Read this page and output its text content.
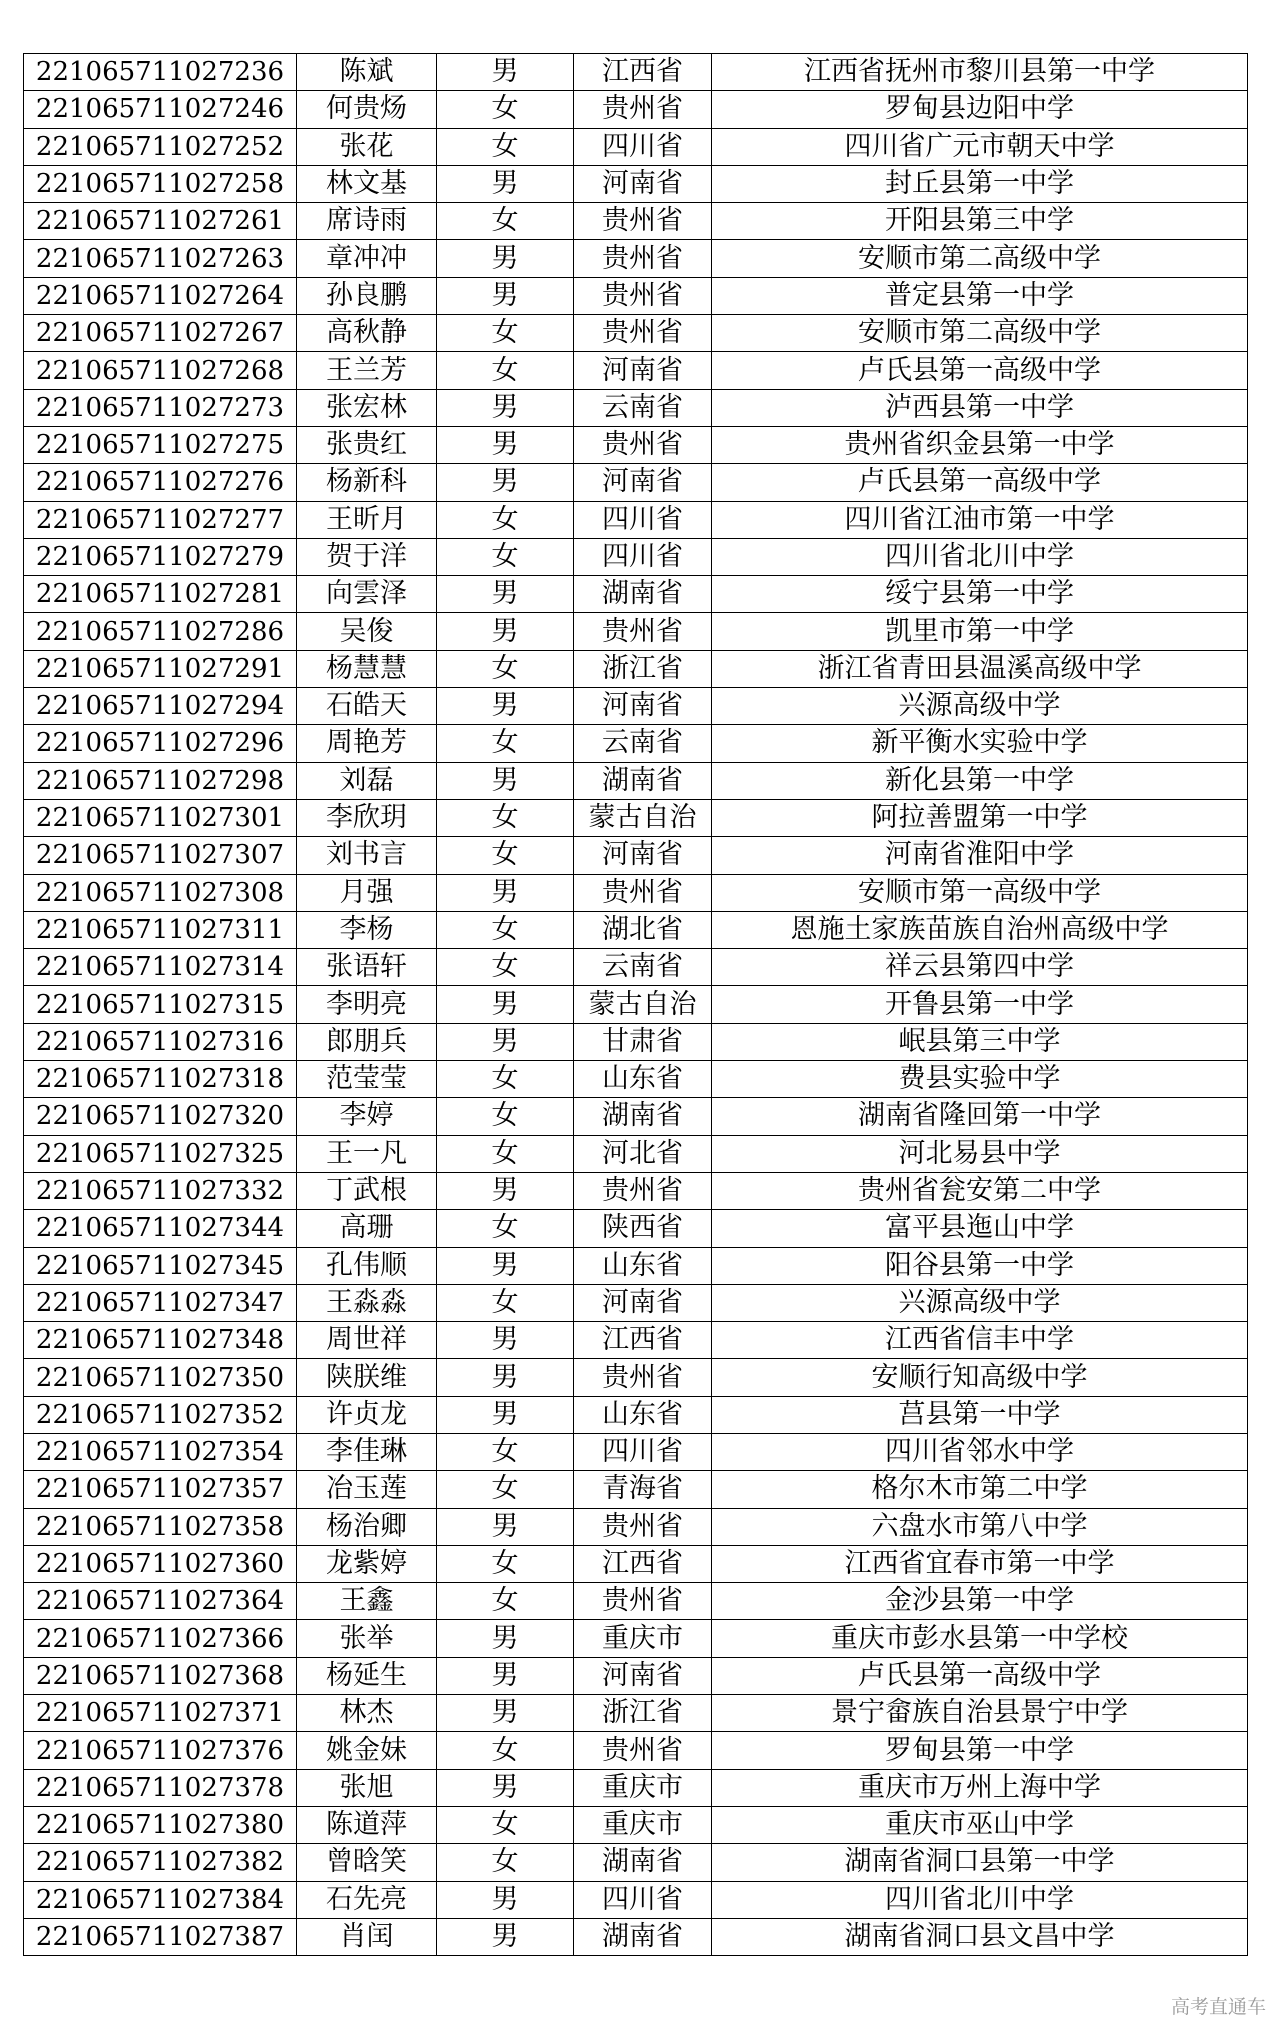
221065711027236	陈斌	男	江西省	江西省抚州市黎川县第一中学
221065711027246	何贵炀	女	贵州省	罗甸县边阳中学
221065711027252	张花	女	四川省	四川省广元市朝天中学
221065711027258	林文基	男	河南省	封丘县第一中学
221065711027261	席诗雨	女	贵州省	开阳县第三中学
221065711027263	章冲冲	男	贵州省	安顺市第二高级中学
221065711027264	孙良鹏	男	贵州省	普定县第一中学
221065711027267	高秋静	女	贵州省	安顺市第二高级中学
221065711027268	王兰芳	女	河南省	卢氏县第一高级中学
221065711027273	张宏林	男	云南省	泸西县第一中学
221065711027275	张贵红	男	贵州省	贵州省织金县第一中学
221065711027276	杨新科	男	河南省	卢氏县第一高级中学
221065711027277	王昕月	女	四川省	四川省江油市第一中学
221065711027279	贺于洋	女	四川省	四川省北川中学
221065711027281	向雲泽	男	湖南省	绥宁县第一中学
221065711027286	吴俊	男	贵州省	凯里市第一中学
221065711027291	杨慧慧	女	浙江省	浙江省青田县温溪高级中学
221065711027294	石皓天	男	河南省	兴源高级中学
221065711027296	周艳芳	女	云南省	新平衡水实验中学
221065711027298	刘磊	男	湖南省	新化县第一中学
221065711027301	李欣玥	女	蒙古自治	阿拉善盟第一中学
221065711027307	刘书言	女	河南省	河南省淮阳中学
221065711027308	月强	男	贵州省	安顺市第一高级中学
221065711027311	李杨	女	湖北省	恩施土家族苗族自治州高级中学
221065711027314	张语轩	女	云南省	祥云县第四中学
221065711027315	李明亮	男	蒙古自治	开鲁县第一中学
221065711027316	郎朋兵	男	甘肃省	岷县第三中学
221065711027318	范莹莹	女	山东省	费县实验中学
221065711027320	李婷	女	湖南省	湖南省隆回第一中学
221065711027325	王一凡	女	河北省	河北易县中学
221065711027332	丁武根	男	贵州省	贵州省瓮安第二中学
221065711027344	高珊	女	陕西省	富平县迤山中学
221065711027345	孔伟顺	男	山东省	阳谷县第一中学
221065711027347	王淼淼	女	河南省	兴源高级中学
221065711027348	周世祥	男	江西省	江西省信丰中学
221065711027350	陕朕维	男	贵州省	安顺行知高级中学
221065711027352	许贞龙	男	山东省	莒县第一中学
221065711027354	李佳琳	女	四川省	四川省邻水中学
221065711027357	冶玉莲	女	青海省	格尔木市第二中学
221065711027358	杨治卿	男	贵州省	六盘水市第八中学
221065711027360	龙紫婷	女	江西省	江西省宜春市第一中学
221065711027364	王鑫	女	贵州省	金沙县第一中学
221065711027366	张举	男	重庆市	重庆市彭水县第一中学校
221065711027368	杨延生	男	河南省	卢氏县第一高级中学
221065711027371	林杰	男	浙江省	景宁畲族自治县景宁中学
221065711027376	姚金妹	女	贵州省	罗甸县第一中学
221065711027378	张旭	男	重庆市	重庆市万州上海中学
221065711027380	陈道萍	女	重庆市	重庆市巫山中学
221065711027382	曾晗笑	女	湖南省	湖南省洞口县第一中学
221065711027384	石先亮	男	四川省	四川省北川中学
221065711027387	肖闰	男	湖南省	湖南省洞口县文昌中学
高考直通车
